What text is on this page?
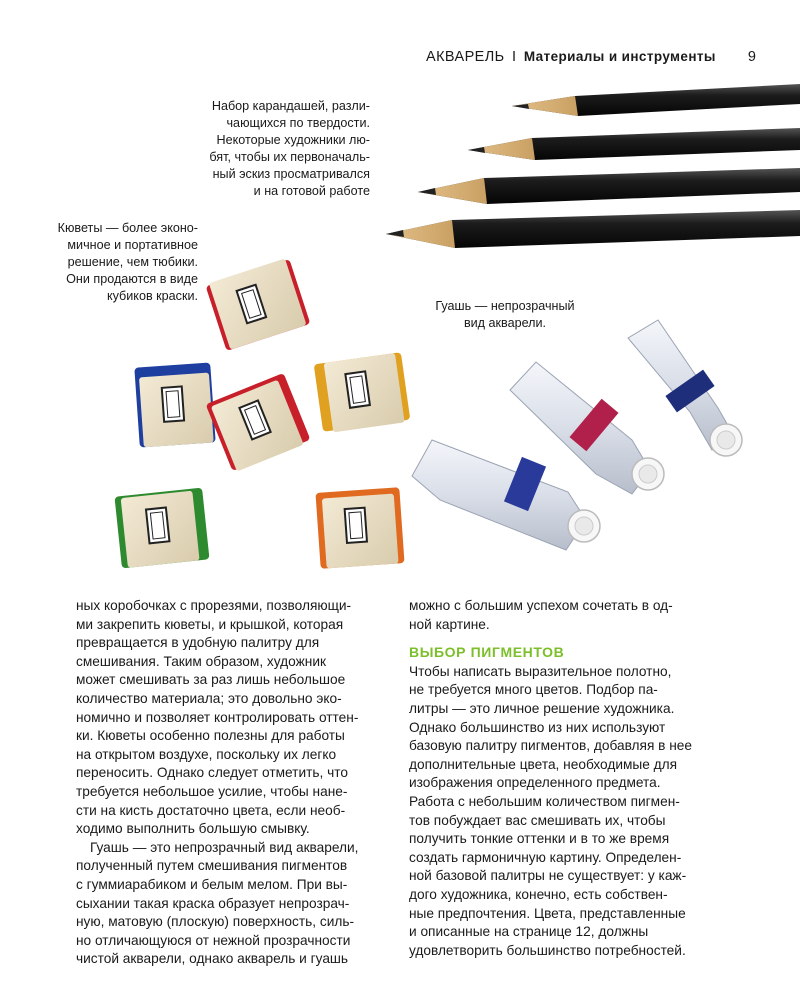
АКВАРЕЛЬ I Материалы и инструменты 9
Набор карандашей, разли-
чающихся по твердости.
Некоторые художники лю-
бят, чтобы их первоначаль-
ный эскиз просматривался
и на готовой работе
Кюветы — более эконо-
мичное и портативное
решение, чем тюбики.
Они продаются в виде
кубиков краски.
Гуашь — непрозрачный
вид акварели.
ных коробочках с прорезями, позволяющи-
ми закрепить кюветы, и крышкой, которая
превращается в удобную палитру для
смешивания. Таким образом, художник
может смешивать за раз лишь небольшое
количество материала; это довольно эко-
номично и позволяет контролировать оттен-
ки. Кюветы особенно полезны для работы
на открытом воздухе, поскольку их легко
переносить. Однако следует отметить, что
требуется небольшое усилие, чтобы нане-
сти на кисть достаточно цвета, если необ-
ходимо выполнить большую смывку.
Гуашь — это непрозрачный вид акварели,
полученный путем смешивания пигментов
с гуммиарабиком и белым мелом. При вы-
сыхании такая краска образует непрозрач-
ную, матовую (плоскую) поверхность, силь-
но отличающуюся от нежной прозрачности
чистой акварели, однако акварель и гуашь
можно с большим успехом сочетать в од-
ной картине.
ВЫБОР ПИГМЕНТОВ
Чтобы написать выразительное полотно,
не требуется много цветов. Подбор па-
литры — это личное решение художника.
Однако большинство из них используют
базовую палитру пигментов, добавляя в нее
дополнительные цвета, необходимые для
изображения определенного предмета.
Работа с небольшим количеством пигмен-
тов побуждает вас смешивать их, чтобы
получить тонкие оттенки и в то же время
создать гармоничную картину. Определен-
ной базовой палитры не существует: у каж-
дого художника, конечно, есть собствен-
ные предпочтения. Цвета, представленные
и описанные на странице 12, должны
удовлетворить большинство потребностей.
